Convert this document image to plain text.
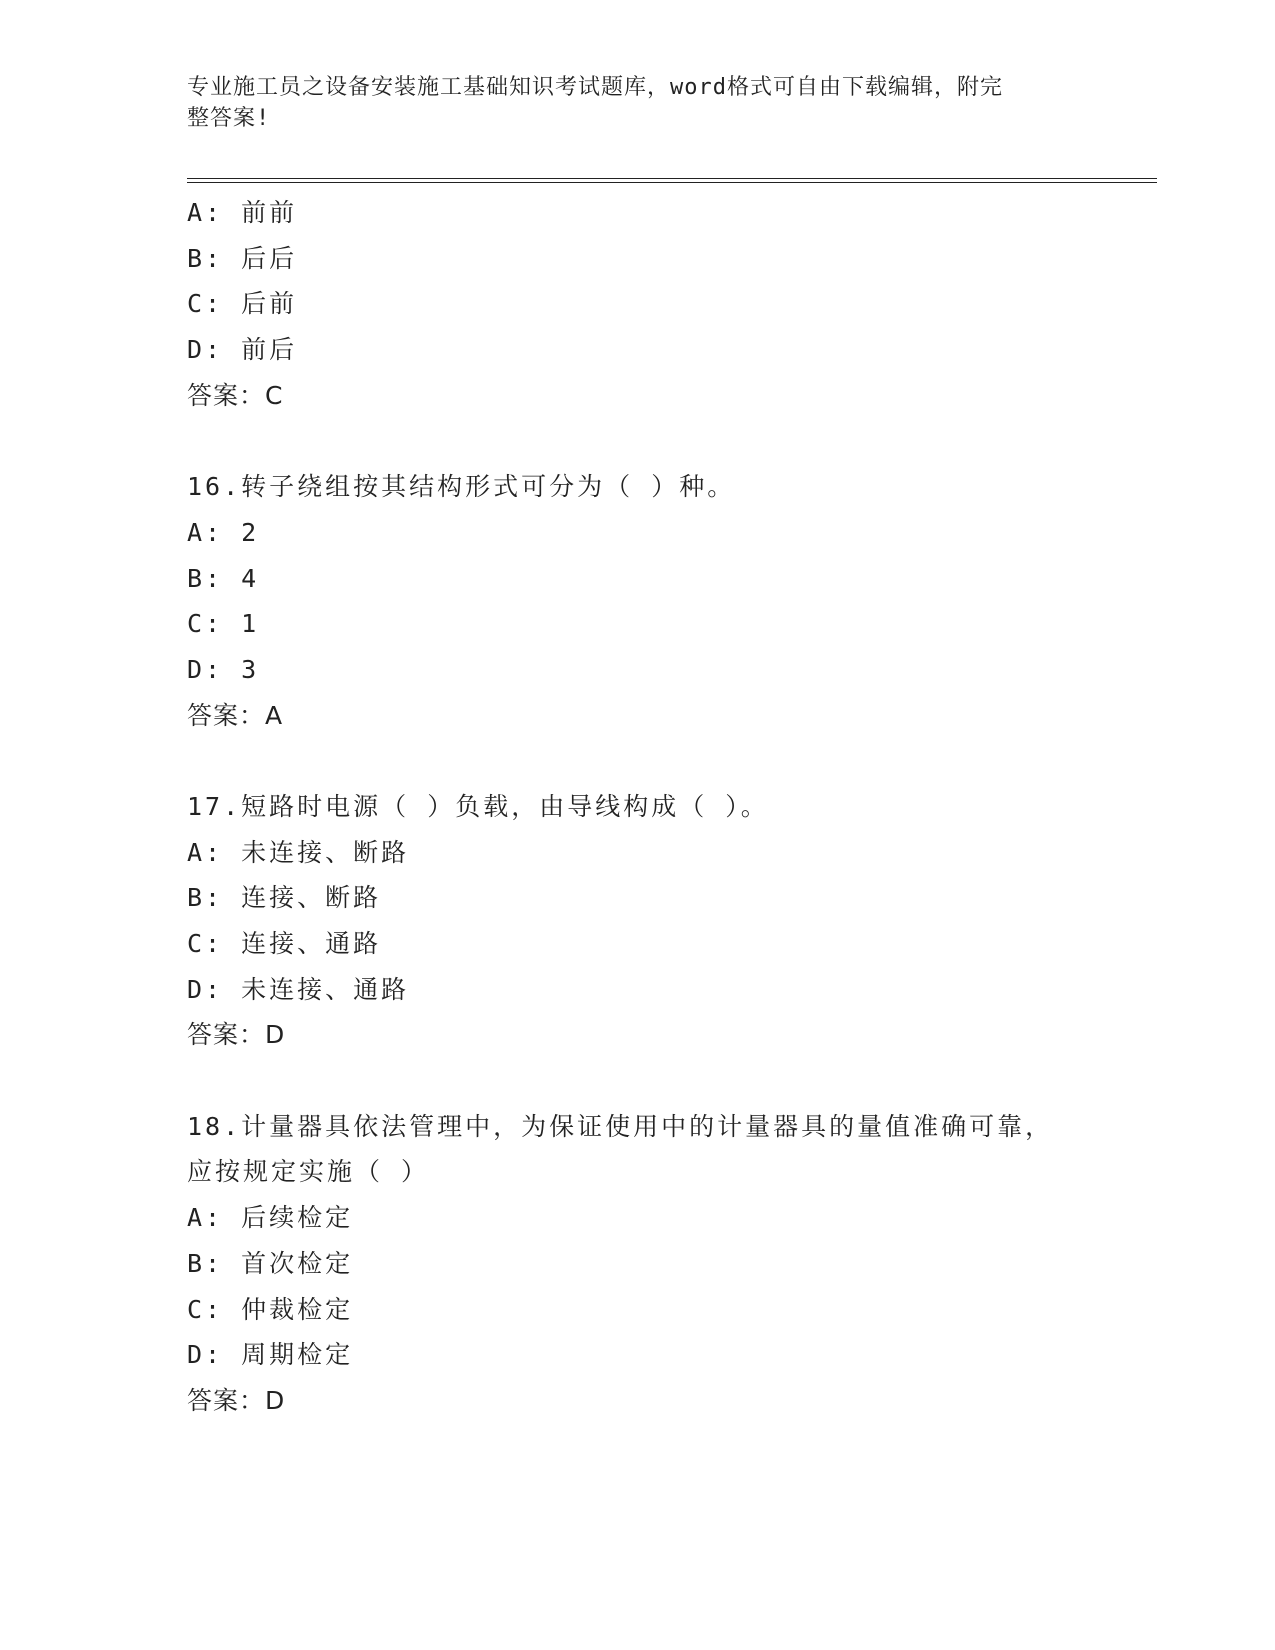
专业施工员之设备安装施工基础知识考试题库，word格式可自由下载编辑，附完
整答案!
A: 前前
B: 后后
C: 后前
D: 前后
答案：C
16.转子绕组按其结构形式可分为（ ）种。
A: 2
B: 4
C: 1
D: 3
答案：A
17.短路时电源（ ）负载，由导线构成（ ）。
A: 未连接、断路
B: 连接、断路
C: 连接、通路
D: 未连接、通路
答案：D
18.计量器具依法管理中，为保证使用中的计量器具的量值准确可靠，
应按规定实施（ ）
A: 后续检定
B: 首次检定
C: 仲裁检定
D: 周期检定
答案：D
